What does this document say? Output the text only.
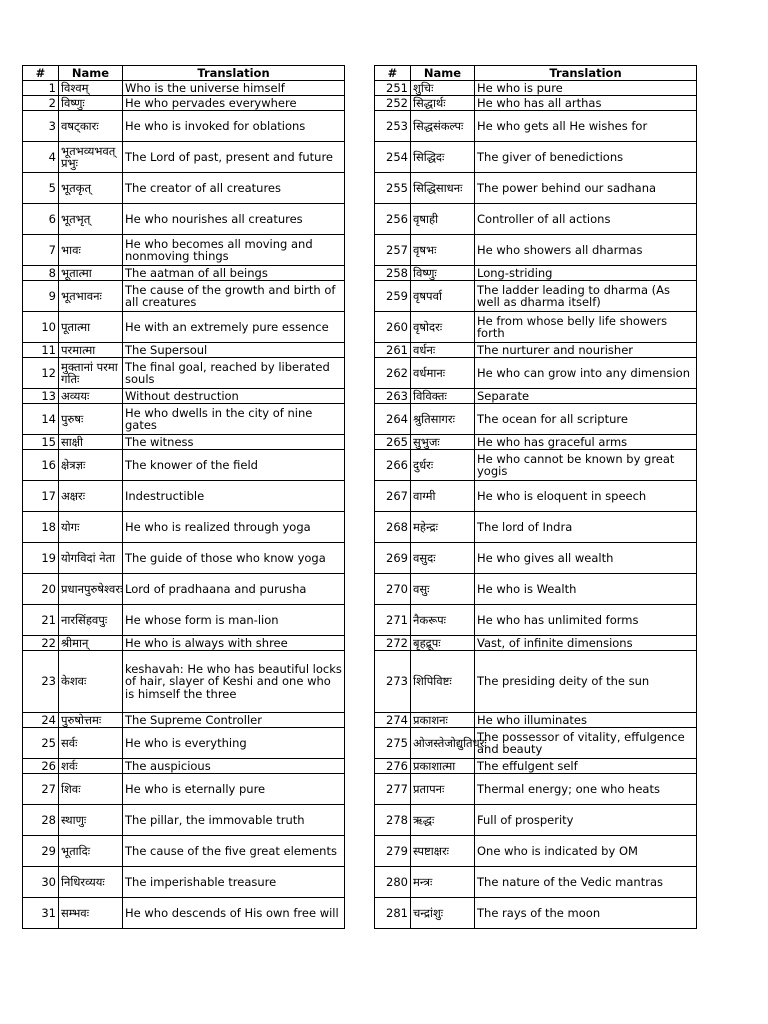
#	Name	Translation
1	विश्वम्	Who is the universe himself
2	विष्णुः	He who pervades everywhere
3	वषट्कारः	He who is invoked for oblations
4	भूतभव्यभवत् प्रभुः	The Lord of past, present and future
5	भूतकृत्	The creator of all creatures
6	भूतभृत्	He who nourishes all creatures
7	भावः	He who becomes all moving and nonmoving things
8	भूतात्मा	The aatman of all beings
9	भूतभावनः	The cause of the growth and birth of all creatures
10	पूतात्मा	He with an extremely pure essence
11	परमात्मा	The Supersoul
12	मुक्तानां परमा गतिः	The final goal, reached by liberated souls
13	अव्ययः	Without destruction
14	पुरुषः	He who dwells in the city of nine gates
15	साक्षी	The witness
16	क्षेत्रज्ञः	The knower of the field
17	अक्षरः	Indestructible
18	योगः	He who is realized through yoga
19	योगविदां नेता	The guide of those who know yoga
20	प्रधानपुरुषेश्वरः	Lord of pradhaana and purusha
21	नारसिंहवपुः	He whose form is man-lion
22	श्रीमान्	He who is always with shree
23	केशवः	keshavah: He who has beautiful locks of hair, slayer of Keshi and one who is himself the three
24	पुरुषोत्तमः	The Supreme Controller
25	सर्वः	He who is everything
26	शर्वः	The auspicious
27	शिवः	He who is eternally pure
28	स्थाणुः	The pillar, the immovable truth
29	भूतादिः	The cause of the five great elements
30	निधिरव्ययः	The imperishable treasure
31	सम्भवः	He who descends of His own free will
#	Name	Translation
251	शुचिः	He who is pure
252	सिद्धार्थः	He who has all arthas
253	सिद्धसंकल्पः	He who gets all He wishes for
254	सिद्धिदः	The giver of benedictions
255	सिद्धिसाधनः	The power behind our sadhana
256	वृषाही	Controller of all actions
257	वृषभः	He who showers all dharmas
258	विष्णुः	Long-striding
259	वृषपर्वा	The ladder leading to dharma (As well as dharma itself)
260	वृषोदरः	He from whose belly life showers forth
261	वर्धनः	The nurturer and nourisher
262	वर्धमानः	He who can grow into any dimension
263	विविक्तः	Separate
264	श्रुतिसागरः	The ocean for all scripture
265	सुभुजः	He who has graceful arms
266	दुर्धरः	He who cannot be known by great yogis
267	वाग्मी	He who is eloquent in speech
268	महेन्द्रः	The lord of Indra
269	वसुदः	He who gives all wealth
270	वसुः	He who is Wealth
271	नैकरूपः	He who has unlimited forms
272	बृहद्रूपः	Vast, of infinite dimensions
273	शिपिविष्टः	The presiding deity of the sun
274	प्रकाशनः	He who illuminates
275	ओजस्तेजोद्युतिधरः	The possessor of vitality, effulgence and beauty
276	प्रकाशात्मा	The effulgent self
277	प्रतापनः	Thermal energy; one who heats
278	ऋद्धः	Full of prosperity
279	स्पष्टाक्षरः	One who is indicated by OM
280	मन्त्रः	The nature of the Vedic mantras
281	चन्द्रांशुः	The rays of the moon
